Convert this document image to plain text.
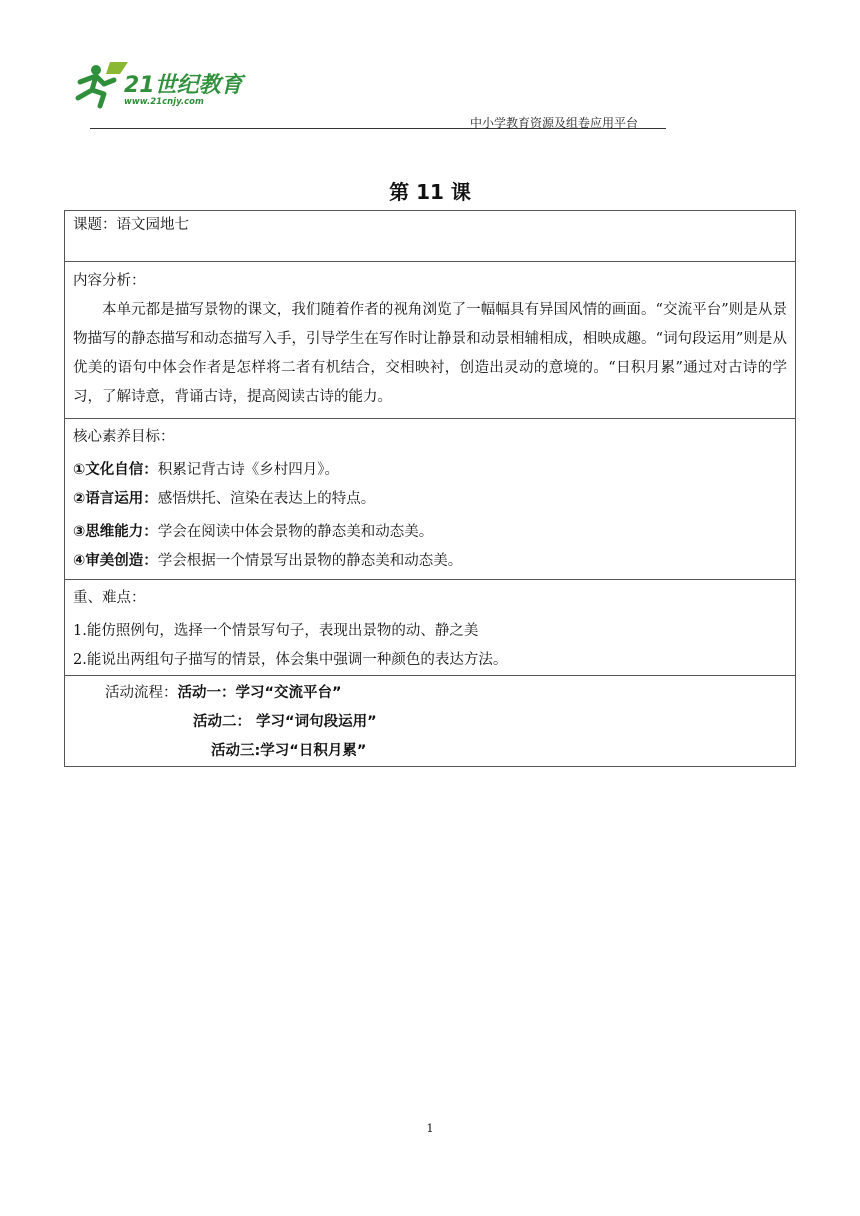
21世纪教育
www.21cnjy.com
中小学教育资源及组卷应用平台
第 11 课
课题：语文园地七

内容分析：
本单元都是描写景物的课文，我们随着作者的视角浏览了一幅幅具有异国风情的画面。“交流平台”则是从景物描写的静态描写和动态描写入手，引导学生在写作时让静景和动景相辅相成，相映成趣。“词句段运用”则是从优美的语句中体会作者是怎样将二者有机结合，交相映衬，创造出灵动的意境的。“日积月累”通过对古诗的学习，了解诗意，背诵古诗，提高阅读古诗的能力。

核心素养目标：
①文化自信：积累记背古诗《乡村四月》。
②语言运用：感悟烘托、渲染在表达上的特点。
③思维能力：学会在阅读中体会景物的静态美和动态美。
④审美创造：学会根据一个情景写出景物的静态美和动态美。

重、难点：
1.能仿照例句，选择一个情景写句子，表现出景物的动、静之美
2.能说出两组句子描写的情景，体会集中强调一种颜色的表达方法。

活动流程：活动一：学习“交流平台”
活动二： 学习“词句段运用”
活动三:学习“日积月累”
1
